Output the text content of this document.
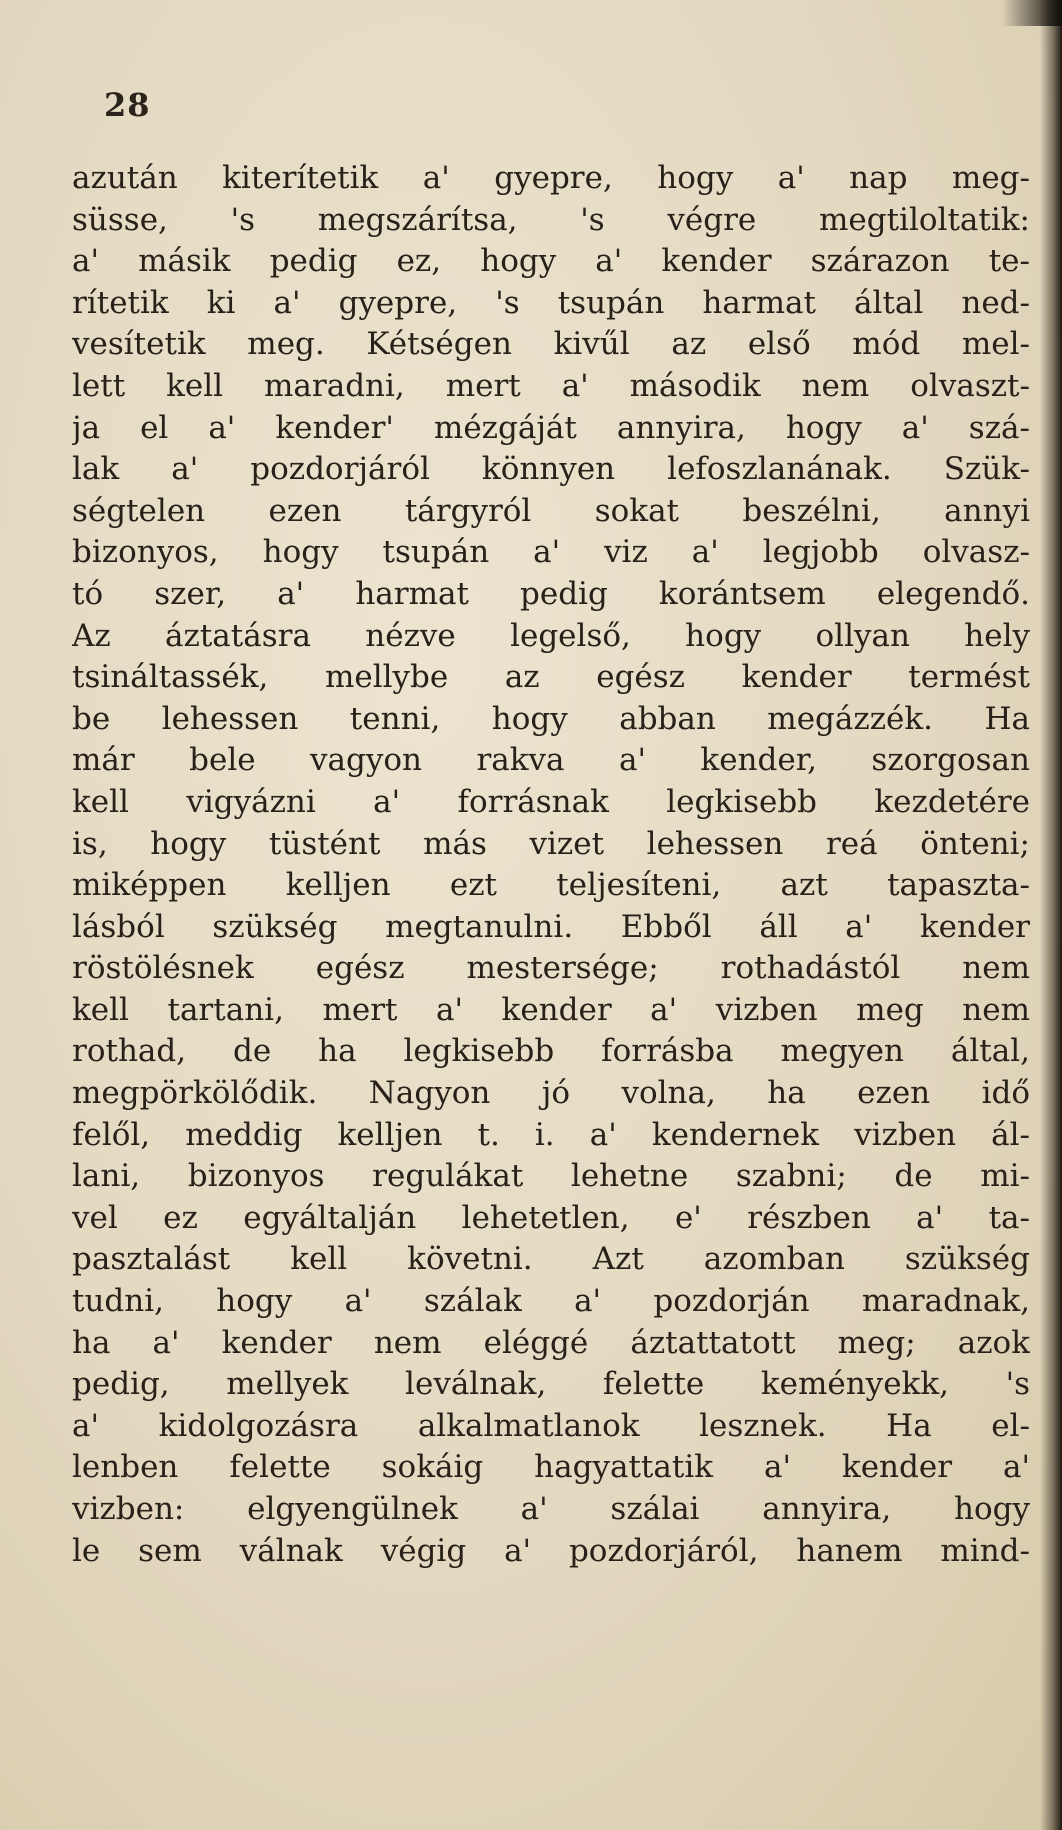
28
azután kiterítetik a' gyepre, hogy a' nap meg-
süsse, 's megszárítsa, 's végre megtiloltatik:
a' másik pedig ez, hogy a' kender szárazon te-
rítetik ki a' gyepre, 's tsupán harmat által ned-
vesítetik meg. Kétségen kivűl az első mód mel-
lett kell maradni, mert a' második nem olvaszt-
ja el a' kender' mézgáját annyira, hogy a' szá-
lak a' pozdorjáról könnyen lefoszlanának. Szük-
ségtelen ezen tárgyról sokat beszélni, annyi
bizonyos, hogy tsupán a' viz a' legjobb olvasz-
tó szer, a' harmat pedig korántsem elegendő.
Az áztatásra nézve legelső, hogy ollyan hely
tsináltassék, mellybe az egész kender termést
be lehessen tenni, hogy abban megázzék. Ha
már bele vagyon rakva a' kender, szorgosan
kell vigyázni a' forrásnak legkisebb kezdetére
is, hogy tüstént más vizet lehessen reá önteni;
miképpen kelljen ezt teljesíteni, azt tapaszta-
lásból szükség megtanulni. Ebből áll a' kender
röstölésnek egész mestersége; rothadástól nem
kell tartani, mert a' kender a' vizben meg nem
rothad, de ha legkisebb forrásba megyen által,
megpörkölődik. Nagyon jó volna, ha ezen idő
felől, meddig kelljen t. i. a' kendernek vizben ál-
lani, bizonyos regulákat lehetne szabni; de mi-
vel ez egyáltalján lehetetlen, e' részben a' ta-
pasztalást kell követni. Azt azomban szükség
tudni, hogy a' szálak a' pozdorján maradnak,
ha a' kender nem eléggé áztattatott meg; azok
pedig, mellyek leválnak, felette keményekk, 's
a' kidolgozásra alkalmatlanok lesznek. Ha el-
lenben felette sokáig hagyattatik a' kender a'
vizben: elgyengülnek a' szálai annyira, hogy
le sem válnak végig a' pozdorjáról, hanem mind-
